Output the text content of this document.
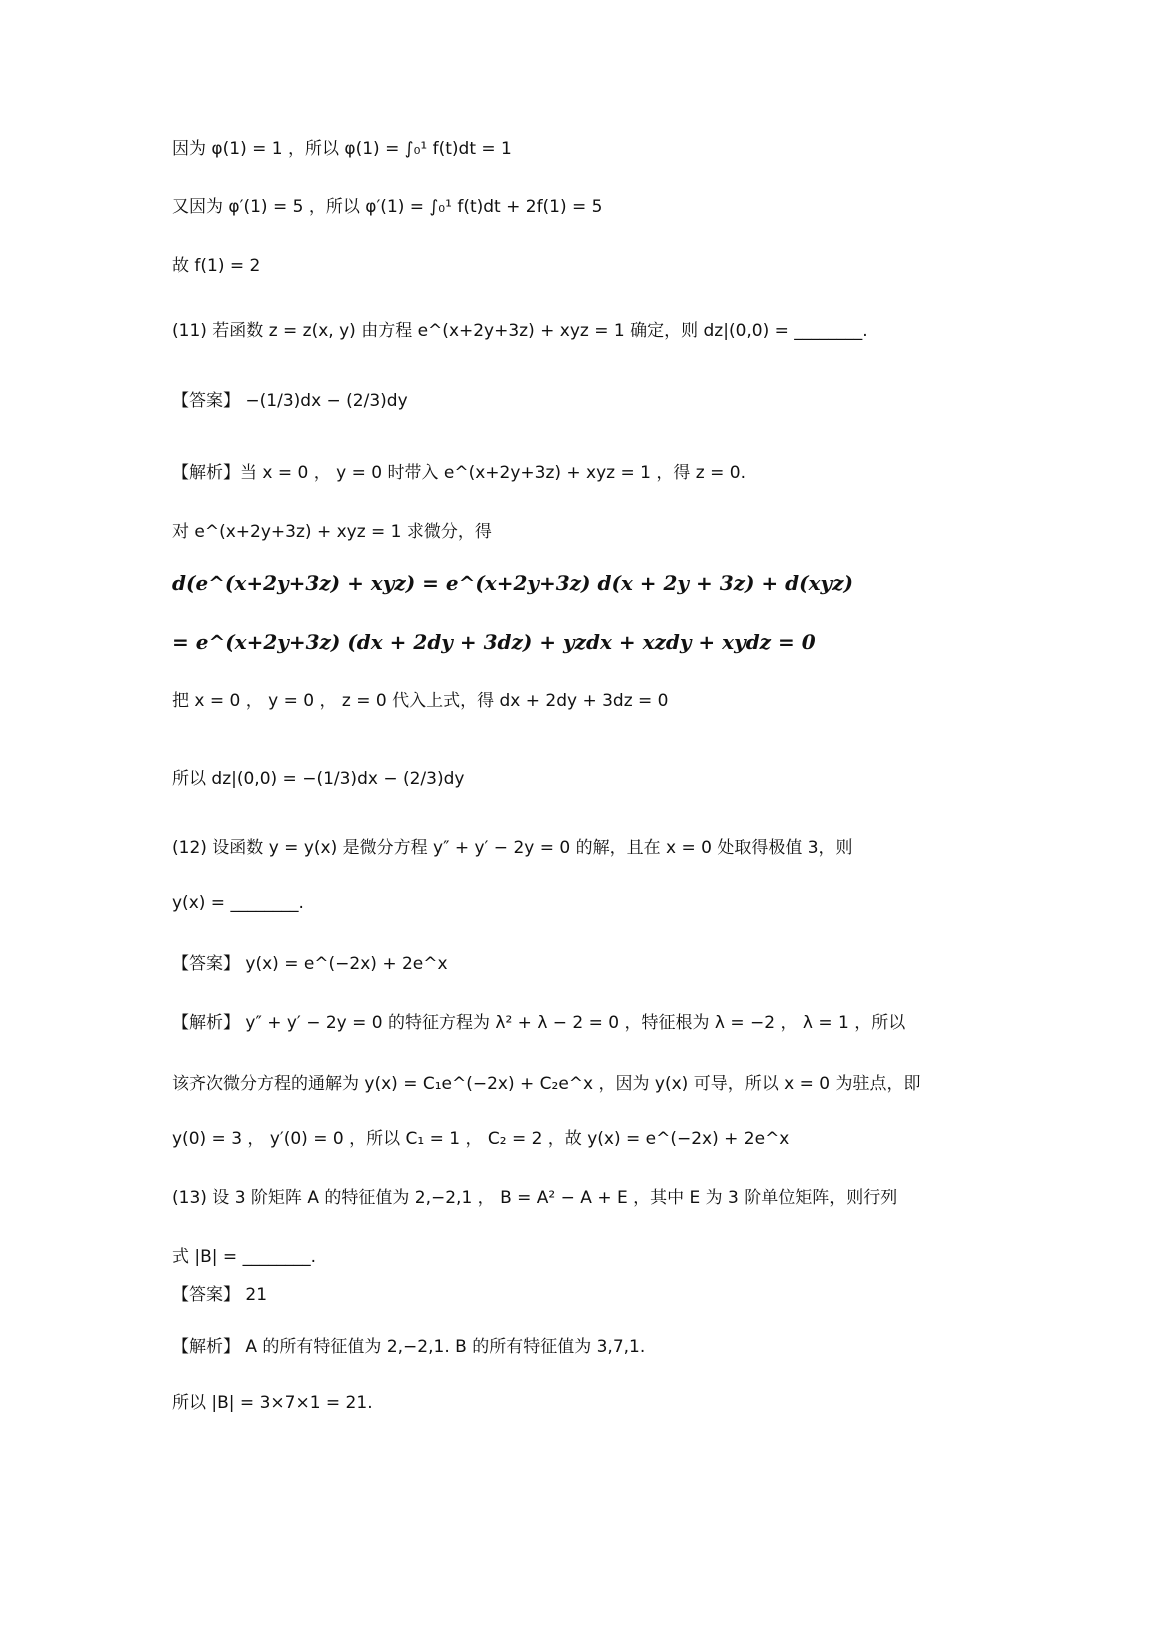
因为 φ(1) = 1 ，所以 φ(1) = ∫₀¹ f(t)dt = 1
又因为 φ′(1) = 5 ，所以 φ′(1) = ∫₀¹ f(t)dt + 2f(1) = 5
故 f(1) = 2
(11) 若函数 z = z(x, y) 由方程 e^(x+2y+3z) + xyz = 1 确定，则 dz|(0,0) = ________.
【答案】 −(1/3)dx − (2/3)dy
【解析】当 x = 0 ， y = 0 时带入 e^(x+2y+3z) + xyz = 1 ，得 z = 0.
对 e^(x+2y+3z) + xyz = 1 求微分，得
d(e^(x+2y+3z) + xyz) = e^(x+2y+3z) d(x + 2y + 3z) + d(xyz)
= e^(x+2y+3z) (dx + 2dy + 3dz) + yzdx + xzdy + xydz = 0
把 x = 0 ， y = 0 ， z = 0 代入上式，得 dx + 2dy + 3dz = 0
所以 dz|(0,0) = −(1/3)dx − (2/3)dy
(12) 设函数 y = y(x) 是微分方程 y″ + y′ − 2y = 0 的解，且在 x = 0 处取得极值 3，则
y(x) = ________.
【答案】 y(x) = e^(−2x) + 2e^x
【解析】 y″ + y′ − 2y = 0 的特征方程为 λ² + λ − 2 = 0 ，特征根为 λ = −2 ， λ = 1 ，所以
该齐次微分方程的通解为 y(x) = C₁e^(−2x) + C₂e^x ，因为 y(x) 可导，所以 x = 0 为驻点，即
y(0) = 3 ， y′(0) = 0 ，所以 C₁ = 1 ， C₂ = 2 ，故 y(x) = e^(−2x) + 2e^x
(13) 设 3 阶矩阵 A 的特征值为 2,−2,1 ， B = A² − A + E ，其中 E 为 3 阶单位矩阵，则行列
式 |B| = ________.
【答案】 21
【解析】 A 的所有特征值为 2,−2,1. B 的所有特征值为 3,7,1.
所以 |B| = 3×7×1 = 21.
